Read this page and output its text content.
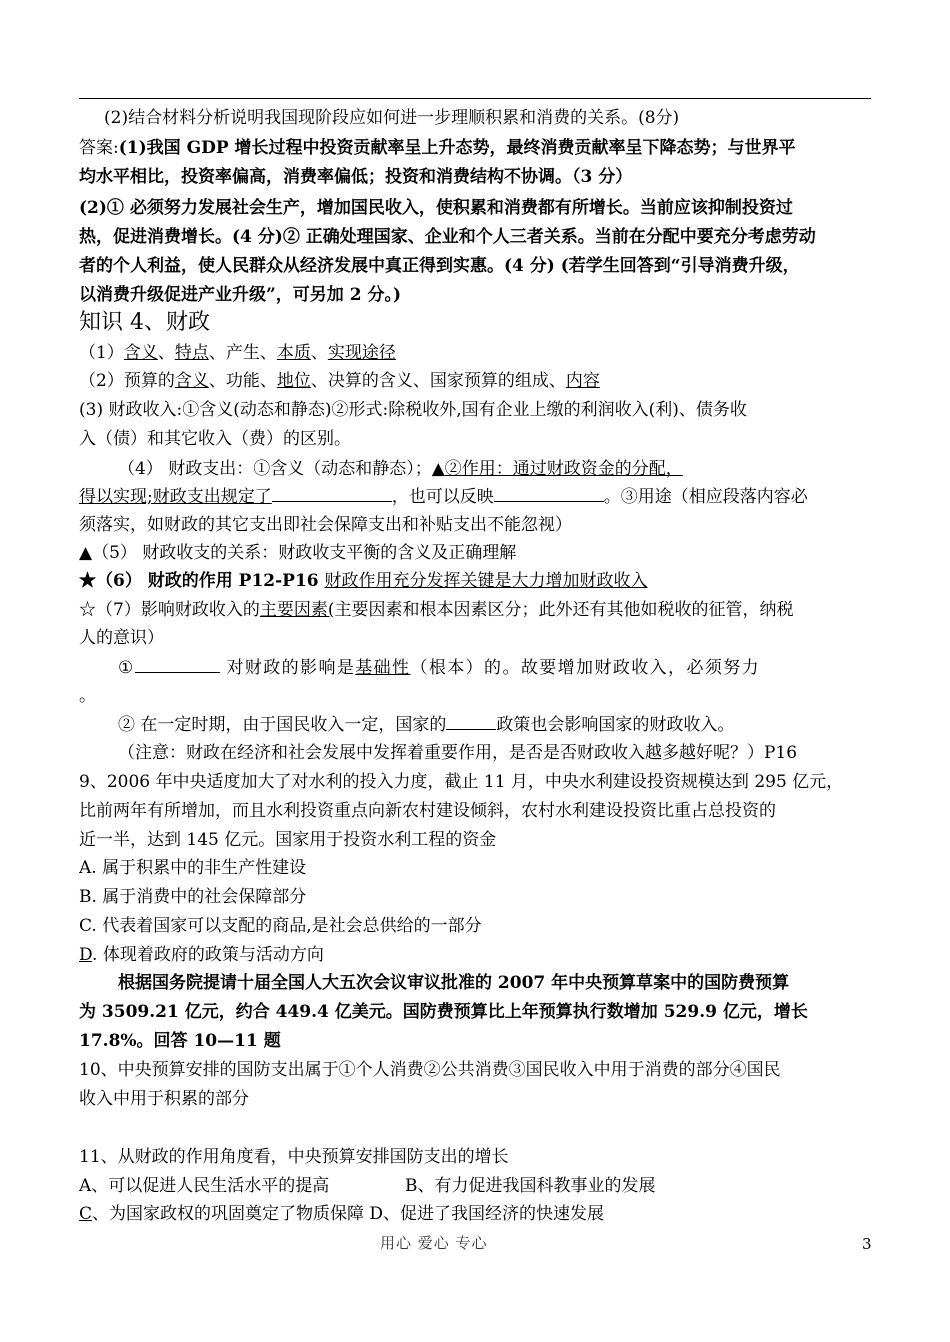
(2)结合材料分析说明我国现阶段应如何进一步理顺积累和消费的关系。(8分)
答案:(1)我国 GDP 增长过程中投资贡献率呈上升态势，最终消费贡献率呈下降态势；与世界平
均水平相比，投资率偏高，消费率偏低；投资和消费结构不协调。（3 分）
(2)① 必须努力发展社会生产，增加国民收入，使积累和消费都有所增长。当前应该抑制投资过
热，促进消费增长。(4 分)② 正确处理国家、企业和个人三者关系。当前在分配中要充分考虑劳动
者的个人利益，使人民群众从经济发展中真正得到实惠。(4 分) (若学生回答到“引导消费升级，
以消费升级促进产业升级”，可另加 2 分。)
知识 4、财政
（1）含义、特点、产生、本质、实现途径
（2）预算的含义、功能、地位、决算的含义、国家预算的组成、内容
(3) 财政收入:①含义(动态和静态)②形式:除税收外,国有企业上缴的利润收入(利)、债务收
入（债）和其它收入（费）的区别。
（4） 财政支出：①含义（动态和静态）；▲②作用：通过财政资金的分配，
得以实现;财政支出规定了	，也可以反映	。③用途（相应段落内容必
须落实，如财政的其它支出即社会保障支出和补贴支出不能忽视）
▲（5） 财政收支的关系：财政收支平衡的含义及正确理解
★（6） 财政的作用 P12-P16 财政作用充分发挥关键是大力增加财政收入
☆（7）影响财政收入的主要因素(主要因素和根本因素区分；此外还有其他如税收的征管，纳税
人的意识）
①	对财政的影响是基础性（根本）的。故要增加财政收入，必须努力
。
② 在一定时期，由于国民收入一定，国家的	政策也会影响国家的财政收入。
（注意：财政在经济和社会发展中发挥着重要作用，是否是否财政收入越多越好呢？）P16
9、2006 年中央适度加大了对水利的投入力度，截止 11 月，中央水利建设投资规模达到 295 亿元，
比前两年有所增加，而且水利投资重点向新农村建设倾斜，农村水利建设投资比重占总投资的
近一半，达到 145 亿元。国家用于投资水利工程的资金
A. 属于积累中的非生产性建设
B. 属于消费中的社会保障部分
C. 代表着国家可以支配的商品,是社会总供给的一部分
D. 体现着政府的政策与活动方向
根据国务院提请十届全国人大五次会议审议批准的 2007 年中央预算草案中的国防费预算
为 3509.21 亿元，约合 449.4 亿美元。国防费预算比上年预算执行数增加 529.9 亿元，增长
17.8%。回答 10—11 题
10、中央预算安排的国防支出属于①个人消费②公共消费③国民收入中用于消费的部分④国民
收入中用于积累的部分
11、从财政的作用角度看，中央预算安排国防支出的增长
A、可以促进人民生活水平的提高	B、有力促进我国科教事业的发展
C、为国家政权的巩固奠定了物质保障 D、促进了我国经济的快速发展
用心 爱心 专心	3
